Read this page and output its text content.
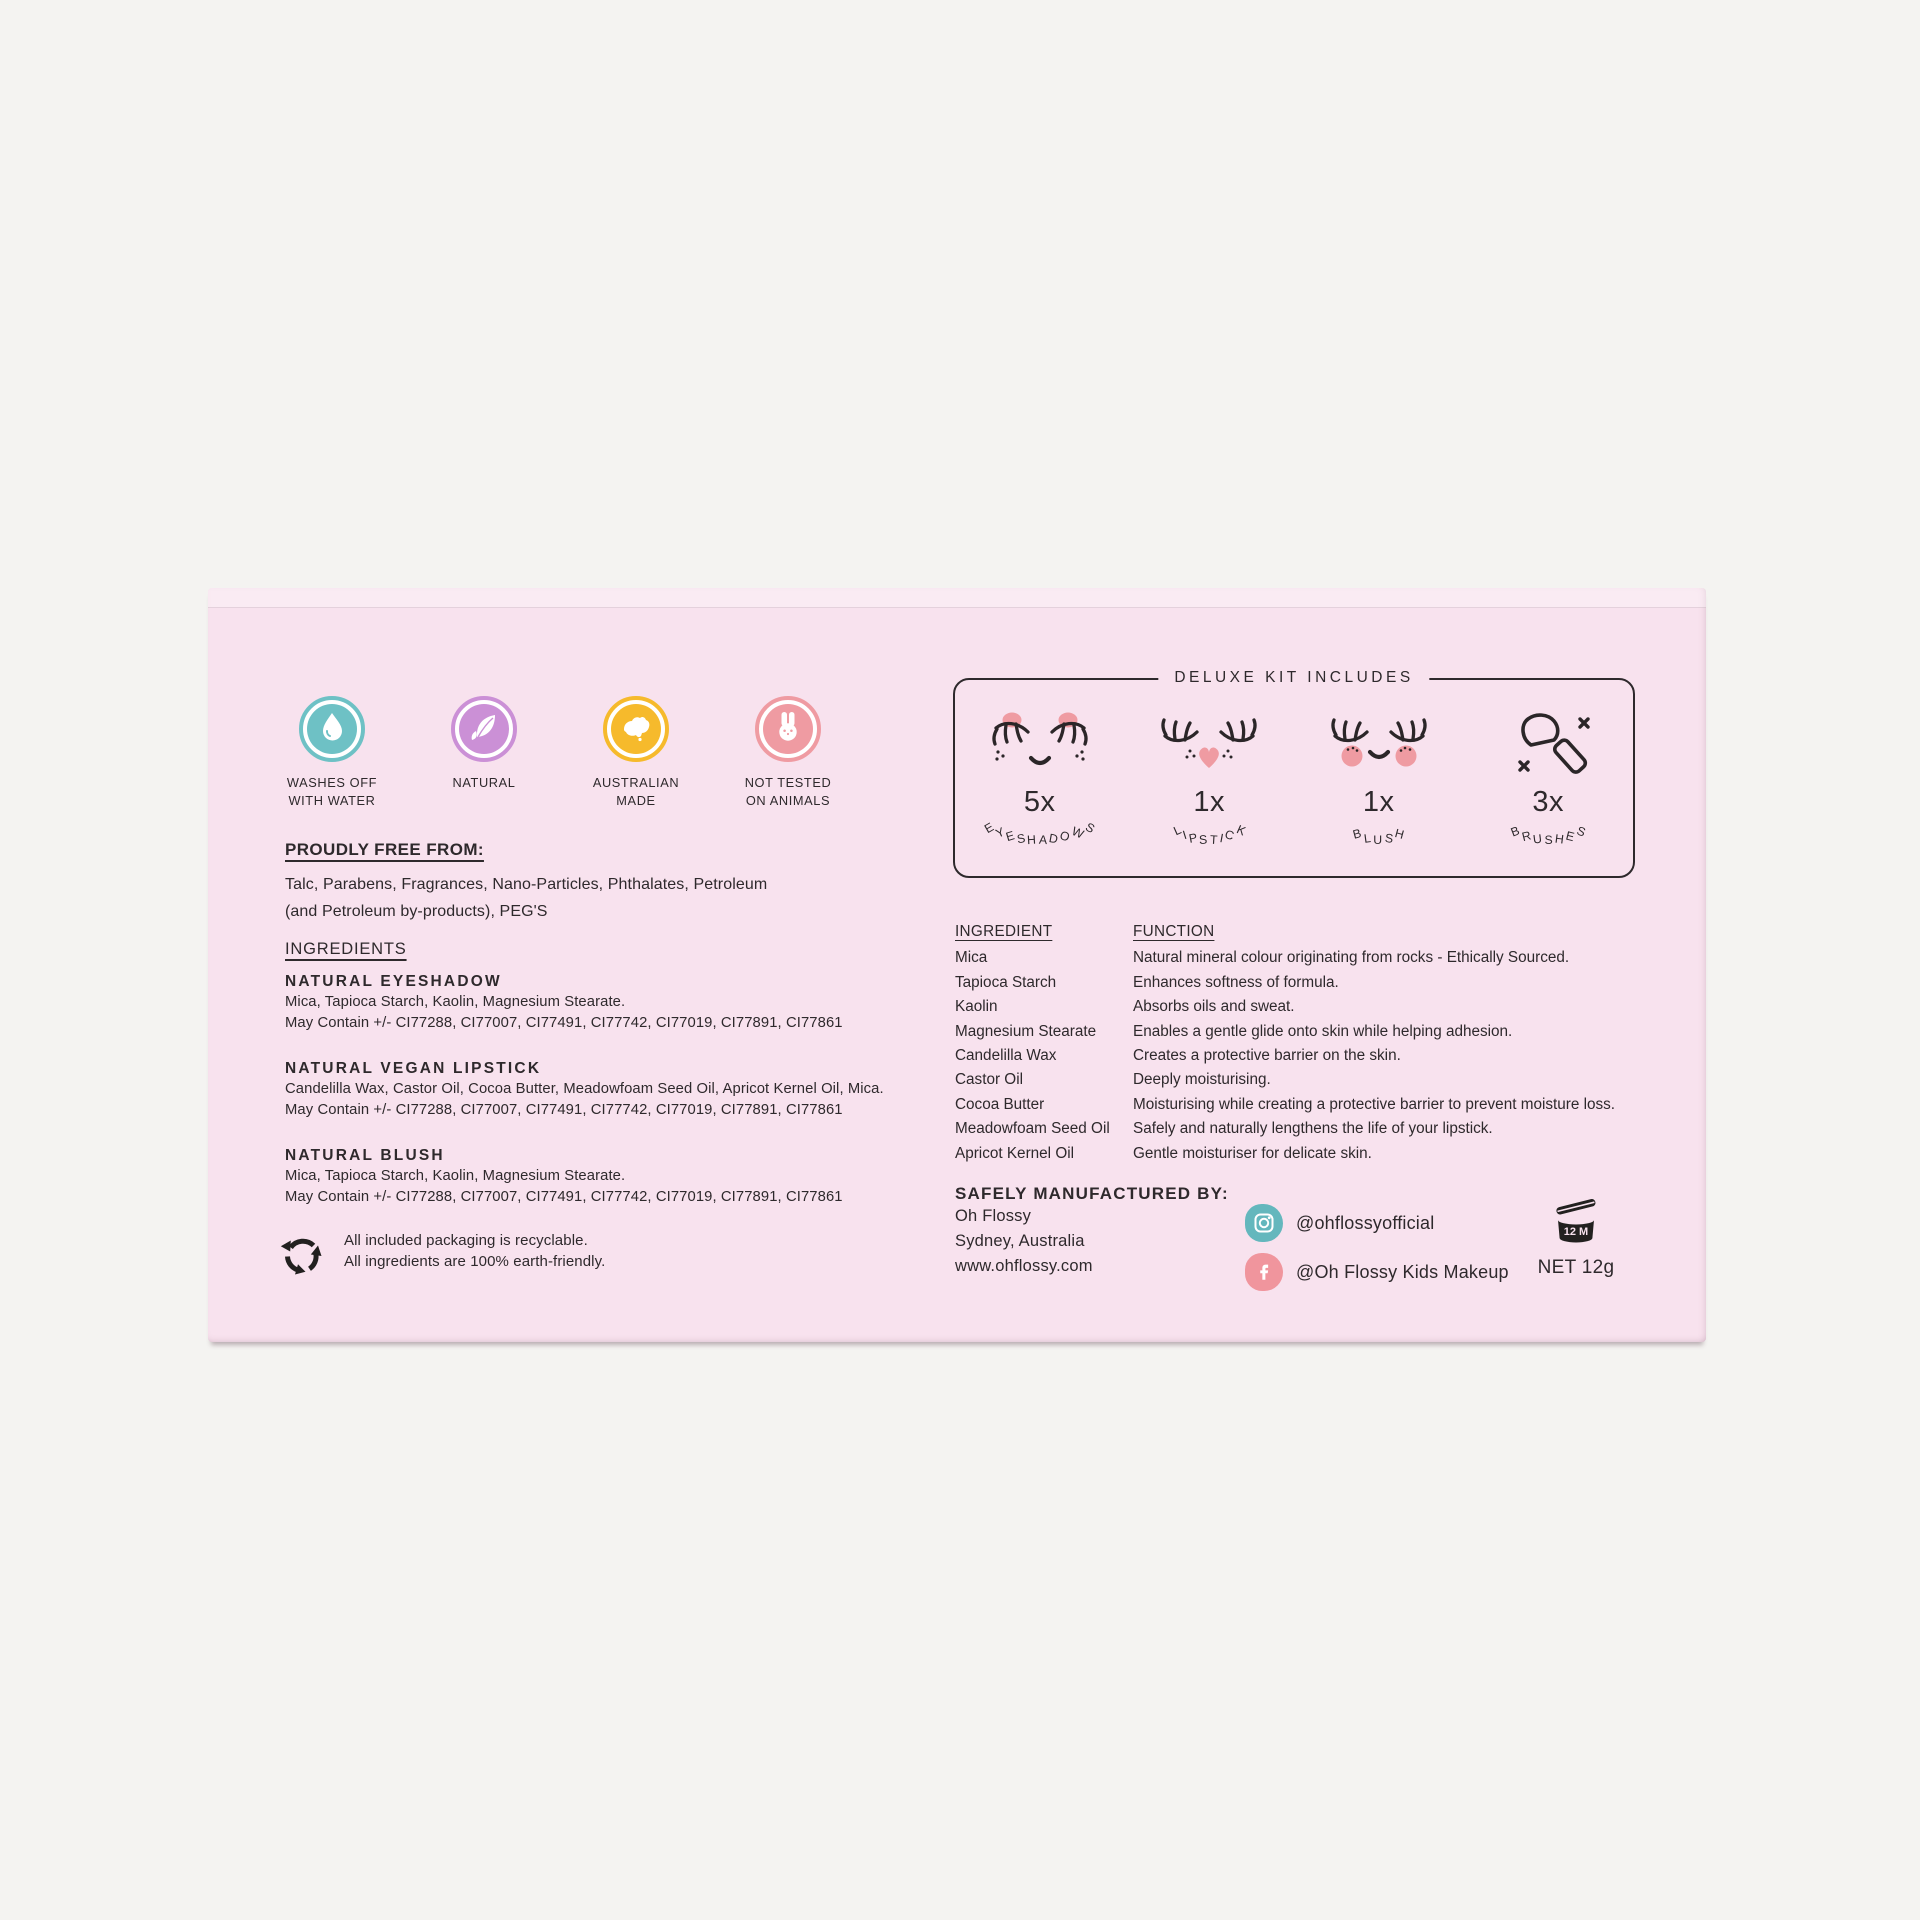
WASHES OFF
WITH WATER
NATURAL	AUSTRALIAN
MADE
NOT TESTED
ON ANIMALS
PROUDLY FREE FROM:
Talc, Parabens, Fragrances, Nano-Particles, Phthalates, Petroleum
(and Petroleum by-products), PEG'S
INGREDIENTS
NATURAL EYESHADOW
Mica, Tapioca Starch, Kaolin, Magnesium Stearate.
May Contain +/- CI77288, CI77007, CI77491, CI77742, CI77019, CI77891, CI77861
NATURAL VEGAN LIPSTICK
Candelilla Wax, Castor Oil, Cocoa Butter, Meadowfoam Seed Oil, Apricot Kernel Oil, Mica.
May Contain +/- CI77288, CI77007, CI77491, CI77742, CI77019, CI77891, CI77861
NATURAL BLUSH
Mica, Tapioca Starch, Kaolin, Magnesium Stearate.
May Contain +/- CI77288, CI77007, CI77491, CI77742, CI77019, CI77891, CI77861
All included packaging is recyclable.
All ingredients are 100% earth-friendly.
DELUXE KIT INCLUDES
5x
EYESH ADOWS
1x
LIPS TICK
1x
BLUSH
3x
BRU S HES
INGREDIENT	FUNCTION
Mica	Natural mineral colour originating from rocks - Ethically Sourced.
Tapioca Starch	Enhances softness of formula.
Kaolin	Absorbs oils and sweat.
Magnesium Stearate	Enables a gentle glide onto skin while helping adhesion.
Candelilla Wax	Creates a protective barrier on the skin.
Castor Oil	Deeply moisturising.
Cocoa Butter	Moisturising while creating a protective barrier to prevent moisture loss.
Meadowfoam Seed Oil	Safely and naturally lengthens the life of your lipstick.
Apricot Kernel Oil	Gentle moisturiser for delicate skin.
SAFELY MANUFACTURED BY:
Oh Flossy
Sydney, Australia
www.ohflossy.com
@ohflossyofficial
@Oh Flossy Kids Makeup
12 M
NET 12g
